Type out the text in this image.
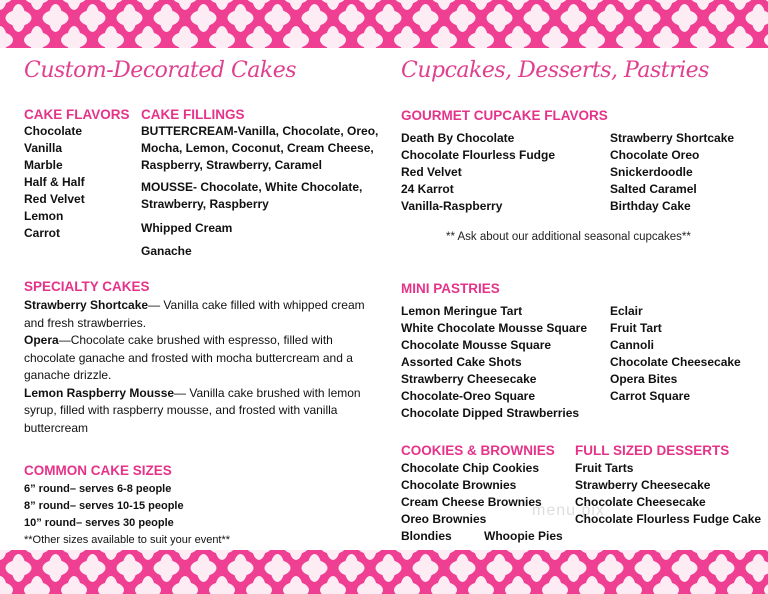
Custom-Decorated Cakes
CAKE FLAVORS
Chocolate
Vanilla
Marble
Half & Half
Red Velvet
Lemon
Carrot
CAKE FILLINGS
BUTTERCREAM-Vanilla, Chocolate, Oreo, Mocha, Lemon, Coconut, Cream Cheese, Raspberry, Strawberry, Caramel
MOUSSE- Chocolate, White Chocolate, Strawberry, Raspberry
Whipped Cream
Ganache
SPECIALTY CAKES
Strawberry Shortcake— Vanilla cake filled with whipped cream and fresh strawberries.
Opera—Chocolate cake brushed with espresso, filled with chocolate ganache and frosted with mocha buttercream and a ganache drizzle.
Lemon Raspberry Mousse— Vanilla cake brushed with lemon syrup, filled with raspberry mousse, and frosted with vanilla buttercream
COMMON CAKE SIZES
6” round– serves 6-8 people
8” round– serves 10-15 people
10” round– serves 30 people
**Other sizes available to suit your event**
Cupcakes, Desserts, Pastries
GOURMET CUPCAKE FLAVORS
Death By Chocolate
Chocolate Flourless Fudge
Red Velvet
24 Karrot
Vanilla-Raspberry
Strawberry Shortcake
Chocolate Oreo
Snickerdoodle
Salted Caramel
Birthday Cake
** Ask about our additional seasonal cupcakes**
MINI PASTRIES
Lemon Meringue Tart
White Chocolate Mousse Square
Chocolate Mousse Square
Assorted Cake Shots
Strawberry Cheesecake
Chocolate-Oreo Square
Chocolate Dipped Strawberries
Eclair
Fruit Tart
Cannoli
Chocolate Cheesecake
Opera Bites
Carrot Square
COOKIES & BROWNIES
Chocolate Chip Cookies
Chocolate Brownies
Cream Cheese Brownies
Oreo Brownies
Blondies	Whoopie Pies
FULL SIZED DESSERTS
Fruit Tarts
Strawberry Cheesecake
Chocolate Cheesecake
Chocolate Flourless Fudge Cake
menu pix
